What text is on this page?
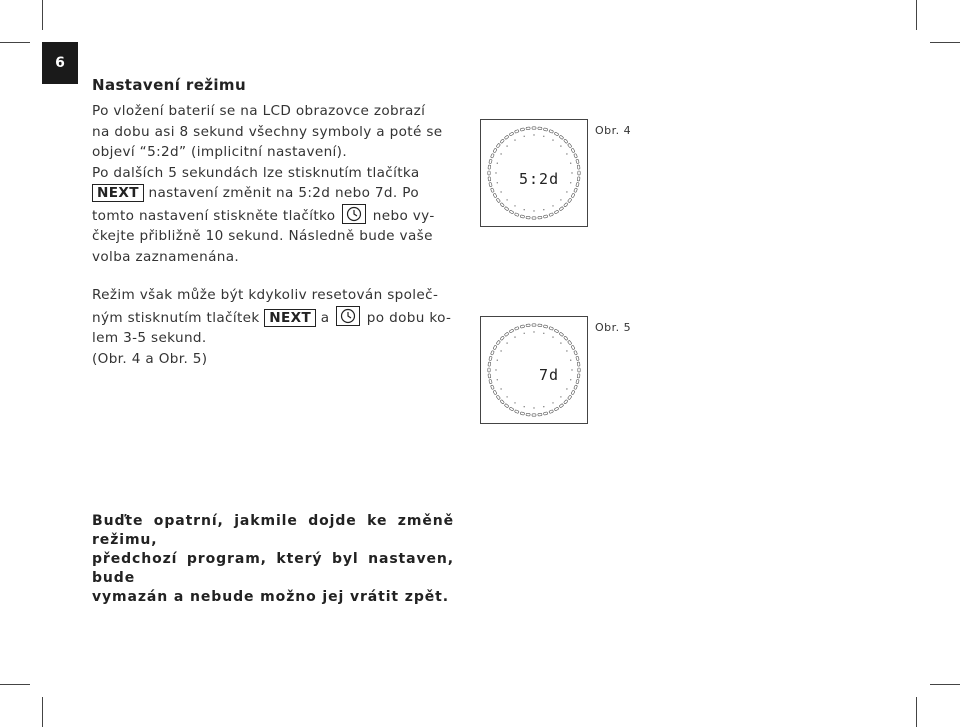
6
Nastavení režimu

Po vložení baterií se na LCD obrazovce zobrazí
na dobu asi 8 sekund všechny symboly a poté se
objeví “5:2d” (implicitní nastavení).
Po dalších 5 sekundách lze stisknutím tlačítka
NEXT nastavení změnit na 5:2d nebo 7d. Po
tomto nastavení stiskněte tlačítko	nebo vy-
čkejte přibližně 10 sekund. Následně bude vaše
volba zaznamenána.

Režim však může být kdykoliv resetován společ-
ným stisknutím tlačítek NEXT a	po dobu ko-
lem 3-5 sekund.
(Obr. 4 a Obr. 5)

5:2d
Obr. 4
7d
Obr. 5

Buďte opatrní, jakmile dojde ke změně režimu,
předchozí program, který byl nastaven, bude
vymazán a nebude možno jej vrátit zpět.
